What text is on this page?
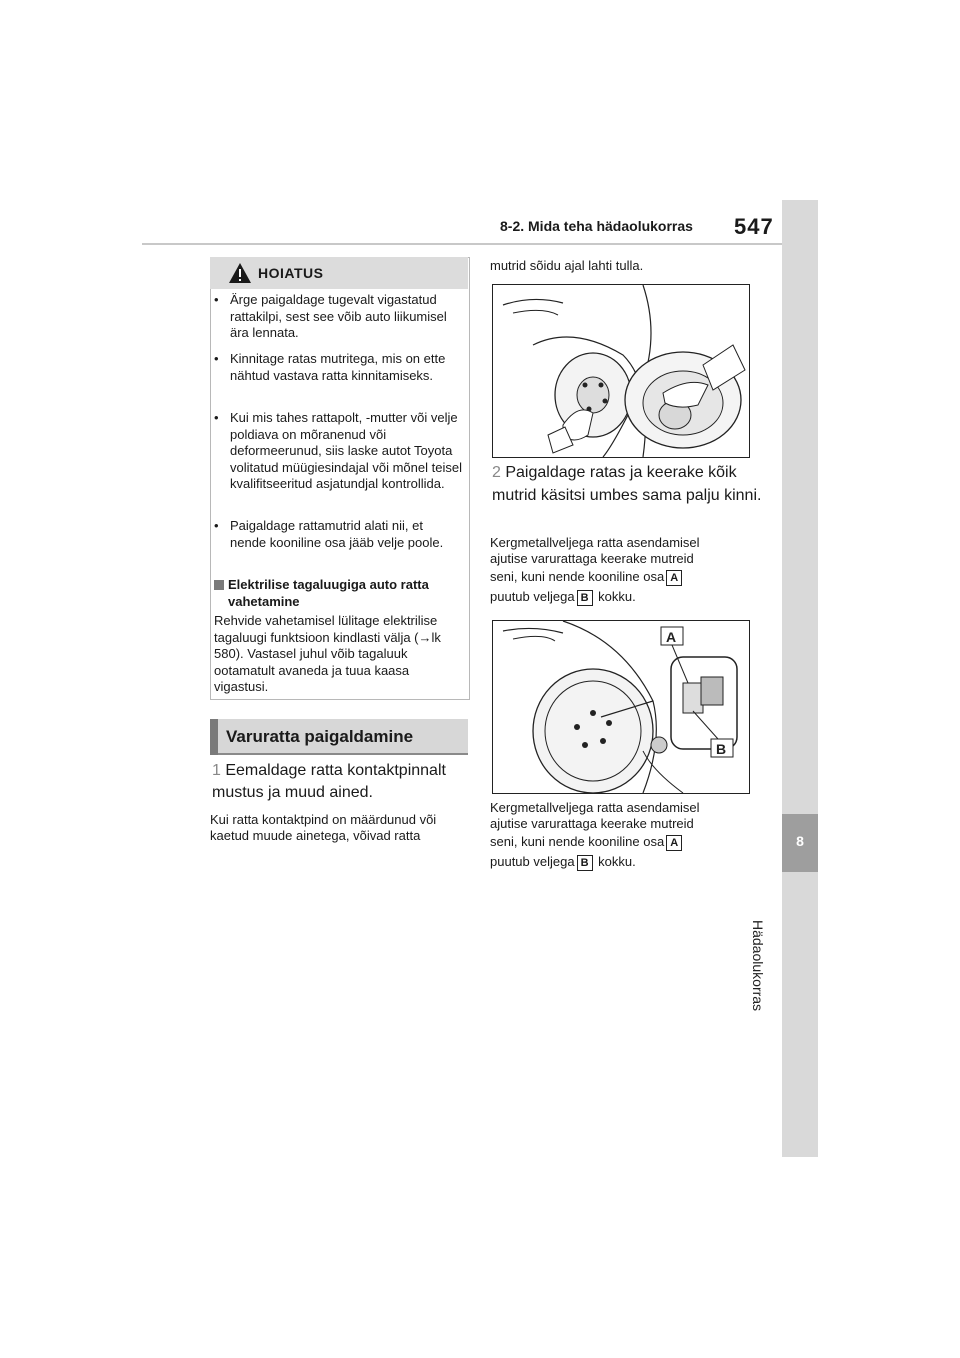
8-2. Mida teha hädaolukorras 547
8
Hädaolukorras
HOIATUS
• Ärge paigaldage tugevalt vigastatud rattakilpi, sest see võib auto liikumisel ära lennata.
• Kinnitage ratas mutritega, mis on ette nähtud vastava ratta kinnitamiseks.
• Kui mis tahes rattapolt, -mutter või velje poldiava on mõranenud või deformeerunud, siis laske autot Toyota volitatud müügiesindajal või mõnel teisel kvalifitseeritud asjatundjal kontrollida.
• Paigaldage rattamutrid alati nii, et nende kooniline osa jääb velje poole.
Elektrilise tagaluugiga auto ratta vahetamine
Rehvide vahetamisel lülitage elektrilise tagaluugi funktsioon kindlasti välja (→lk 580). Vastasel juhul võib tagaluuk ootamatult avaneda ja tuua kaasa vigastusi.
Varuratta paigaldamine
1 Eemaldage ratta kontaktpinnalt mustus ja muud ained.
Kui ratta kontaktpind on määrdunud või kaetud muude ainetega, võivad ratta
mutrid sõidu ajal lahti tulla.
2 Paigaldage ratas ja keerake kõik mutrid käsitsi umbes sama palju kinni.
Kergmetallveljega ratta asendamisel
ajutise varurattaga keerake mutreid
seni, kuni nende kooniline osa A
puutub veljega B kokku.
A
B
Kergmetallveljega ratta asendamisel
ajutise varurattaga keerake mutreid
seni, kuni nende kooniline osa A
puutub veljega B kokku.
